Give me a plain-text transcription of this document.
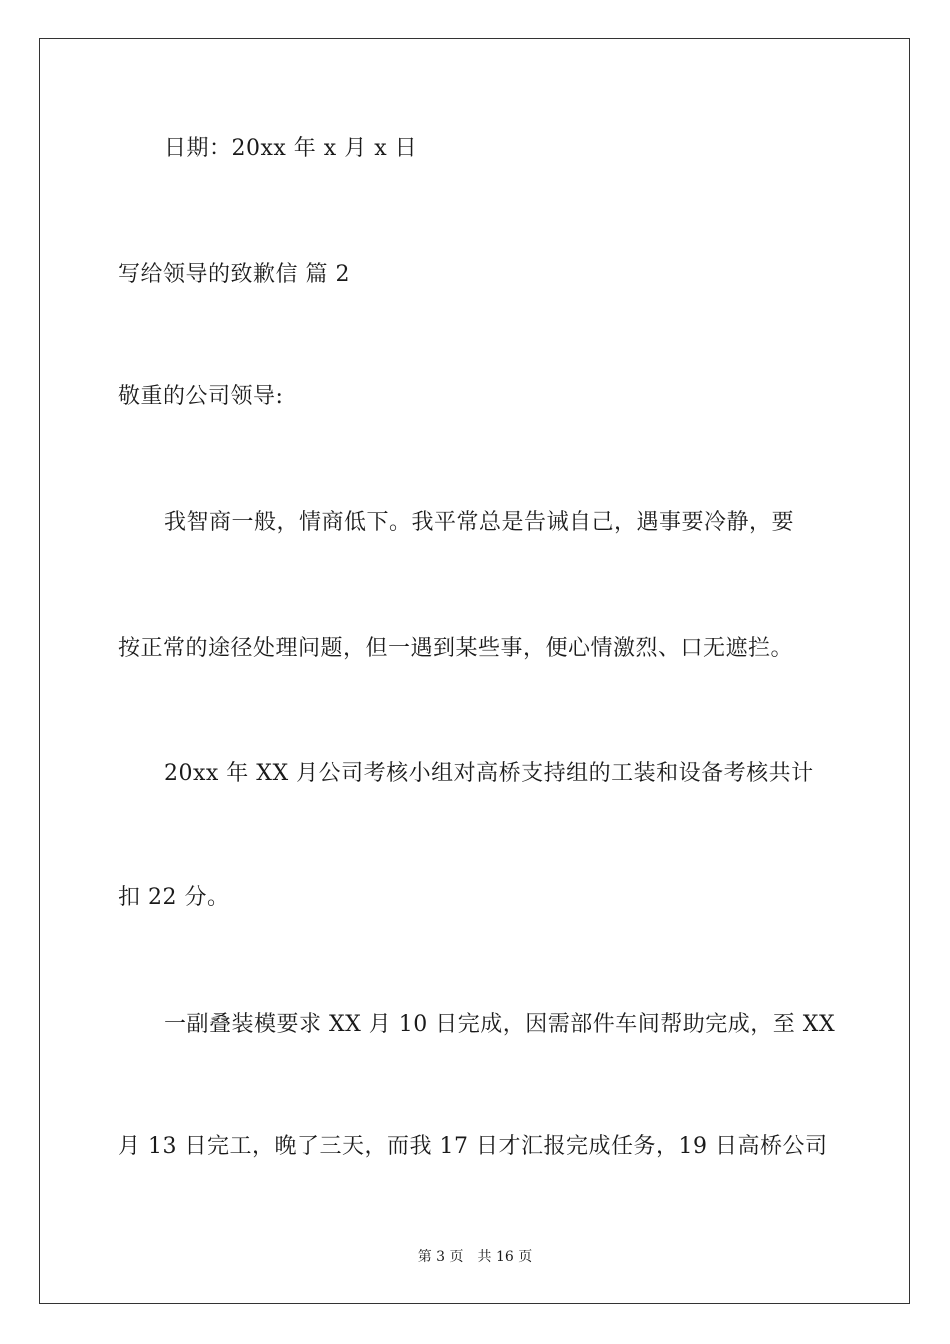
日期：20xx 年 x 月 x 日
写给领导的致歉信 篇 2
敬重的公司领导:
我智商一般，情商低下。我平常总是告诫自己，遇事要冷静，要
按正常的途径处理问题，但一遇到某些事，便心情激烈、口无遮拦。
20xx 年 XX 月公司考核小组对高桥支持组的工装和设备考核共计
扣 22 分。
一副叠装模要求 XX 月 10 日完成，因需部件车间帮助完成，至 XX
月 13 日完工，晚了三天，而我 17 日才汇报完成任务，19 日高桥公司
第 3 页 共 16 页
